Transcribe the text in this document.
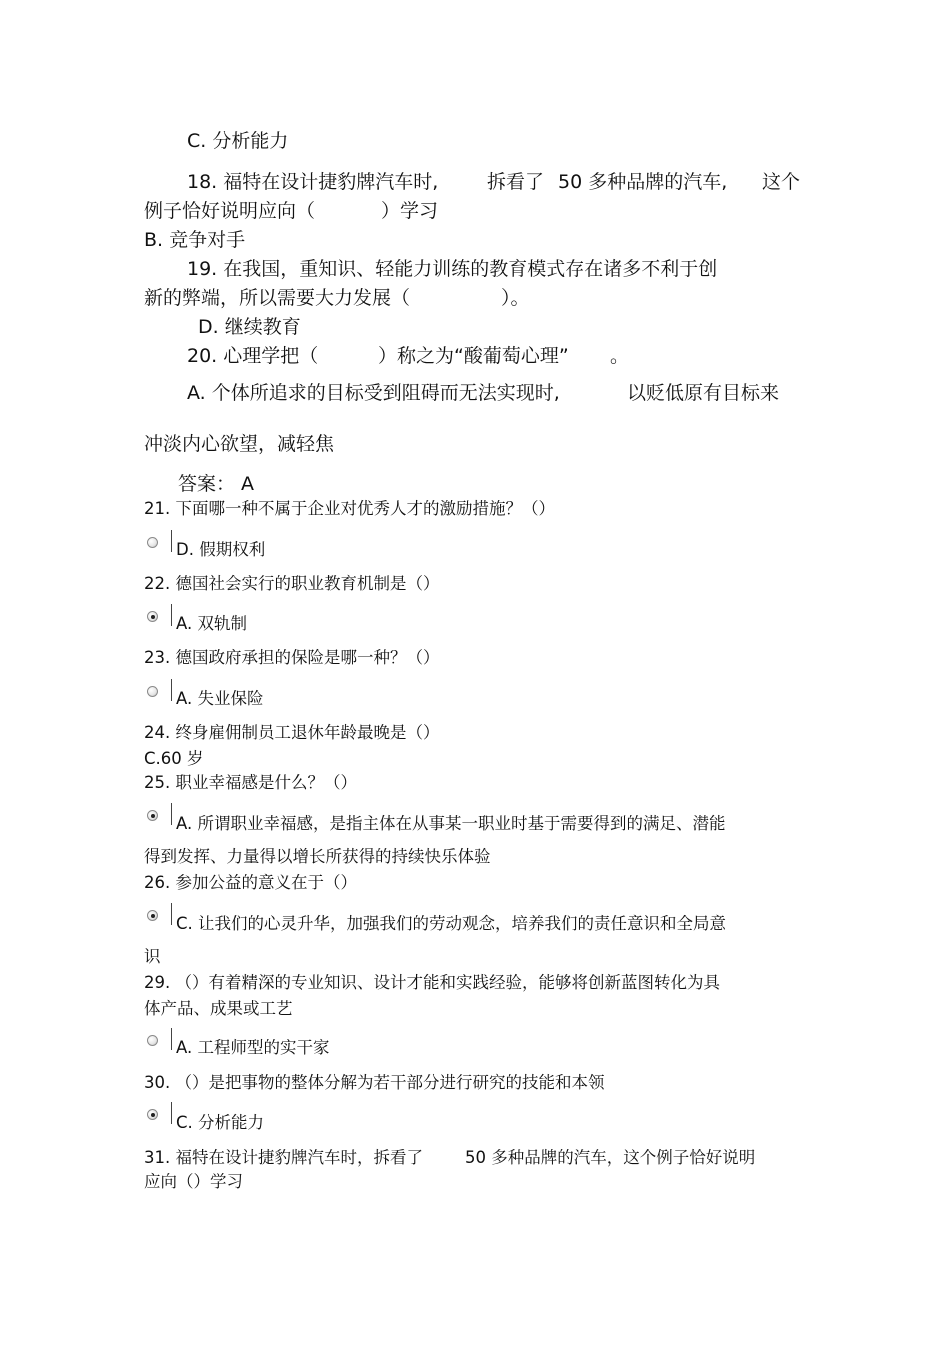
C. 分析能力
18. 福特在设计捷豹牌汽车时,	拆看了 50 多种品牌的汽车, 这个
例子恰好说明应向（	）学习
B. 竞争对手
19. 在我国，重知识、轻能力训练的教育模式存在诸多不利于创
新的弊端，所以需要大力发展（	）。
D. 继续教育
20. 心理学把（	）称之为“酸葡萄心理” 。
A. 个体所追求的目标受到阻碍而无法实现时,	以贬低原有目标来
冲淡内心欲望，减轻焦
答案： A
21. 下面哪一种不属于企业对优秀人才的激励措施？（）
D. 假期权利
22. 德国社会实行的职业教育机制是（）
A. 双轨制
23. 德国政府承担的保险是哪一种？（）
A. 失业保险
24. 终身雇佣制员工退休年龄最晚是（）
C.60 岁
25. 职业幸福感是什么？（）
A. 所谓职业幸福感，是指主体在从事某一职业时基于需要得到的满足、潜能
得到发挥、力量得以增长所获得的持续快乐体验
26. 参加公益的意义在于（）
C. 让我们的心灵升华，加强我们的劳动观念，培养我们的责任意识和全局意
识
29. （）有着精深的专业知识、设计才能和实践经验，能够将创新蓝图转化为具
体产品、成果或工艺
A. 工程师型的实干家
30. （）是把事物的整体分解为若干部分进行研究的技能和本领
C. 分析能力
31. 福特在设计捷豹牌汽车时，拆看了	50 多种品牌的汽车，这个例子恰好说明
应向（）学习
